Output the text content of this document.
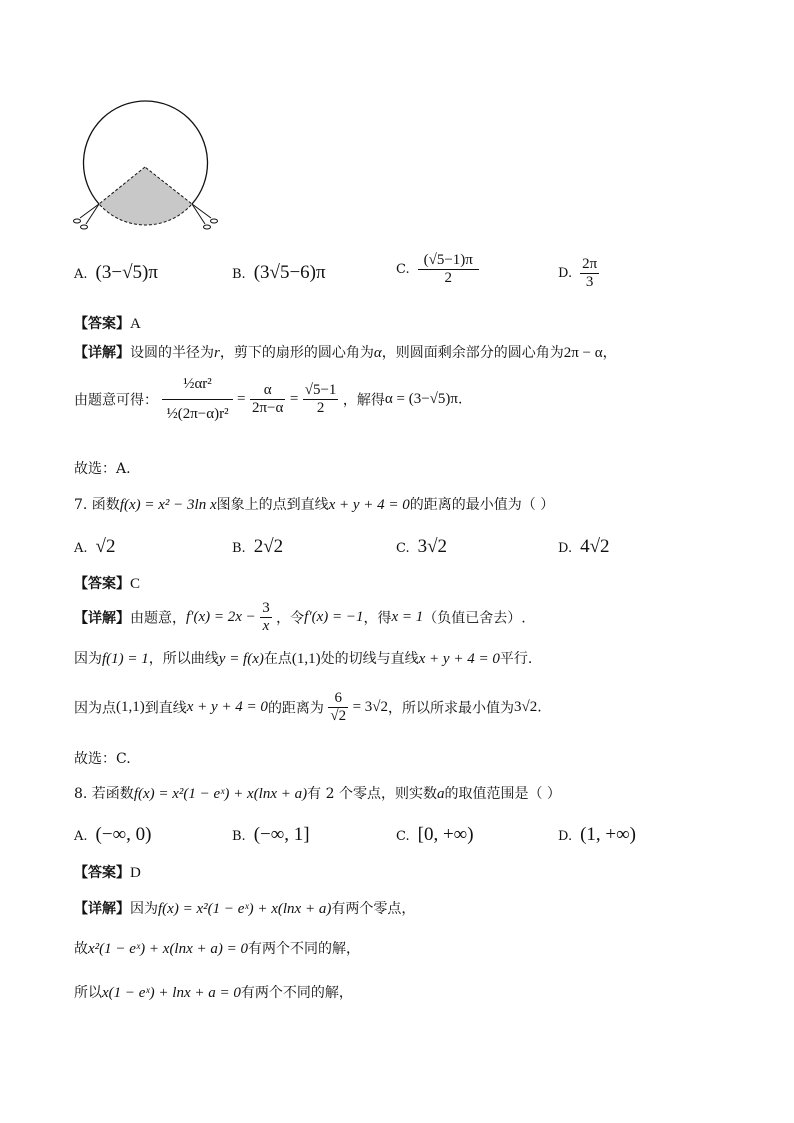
A. (3−√5)π	B. (3√5−6)π	C. $\frac{(√5-1)\pi}{2}$	D. $\frac{2\pi}{3}$
【答案】A
【详解】设圆的半径为r，剪下的扇形的圆心角为α，则圆面剩余部分的圆心角为2π − α，
由题意可得： $\frac{\text{½αr²}}{\text{½(2π−α)r²}} = \frac{\alpha}{2\pi-\alpha} = \frac{√5-1}{2}$ ，解得α = (3−√5)π.
故选：A.
7. 函数f(x) = x² − 3ln x图象上的点到直线x + y + 4 = 0的距离的最小值为（ ）
A. √2	B. 2√2	C. 3√2	D. 4√2
【答案】C
【详解】由题意，$f'(x) = 2x - \frac{3}{x}$ ，令f′(x) = −1，得x = 1（负值已舍去）.
因为f(1) = 1，所以曲线y = f(x)在点(1,1)处的切线与直线x + y + 4 = 0平行.
因为点(1,1)到直线x + y + 4 = 0的距离为 $\frac{6}{√2} = 3√2$，所以所求最小值为3√2.
故选：C.
8. 若函数f(x) = x²(1 − eˣ) + x(lnx + a)有 2 个零点，则实数a的取值范围是（ ）
A. (−∞, 0)	B. (−∞, 1]	C. [0, +∞)	D. (1, +∞)
【答案】D
【详解】因为f(x) = x²(1 − eˣ) + x(lnx + a)有两个零点，
故x²(1 − eˣ) + x(lnx + a) = 0有两个不同的解，
所以x(1 − eˣ) + lnx + a = 0有两个不同的解，
